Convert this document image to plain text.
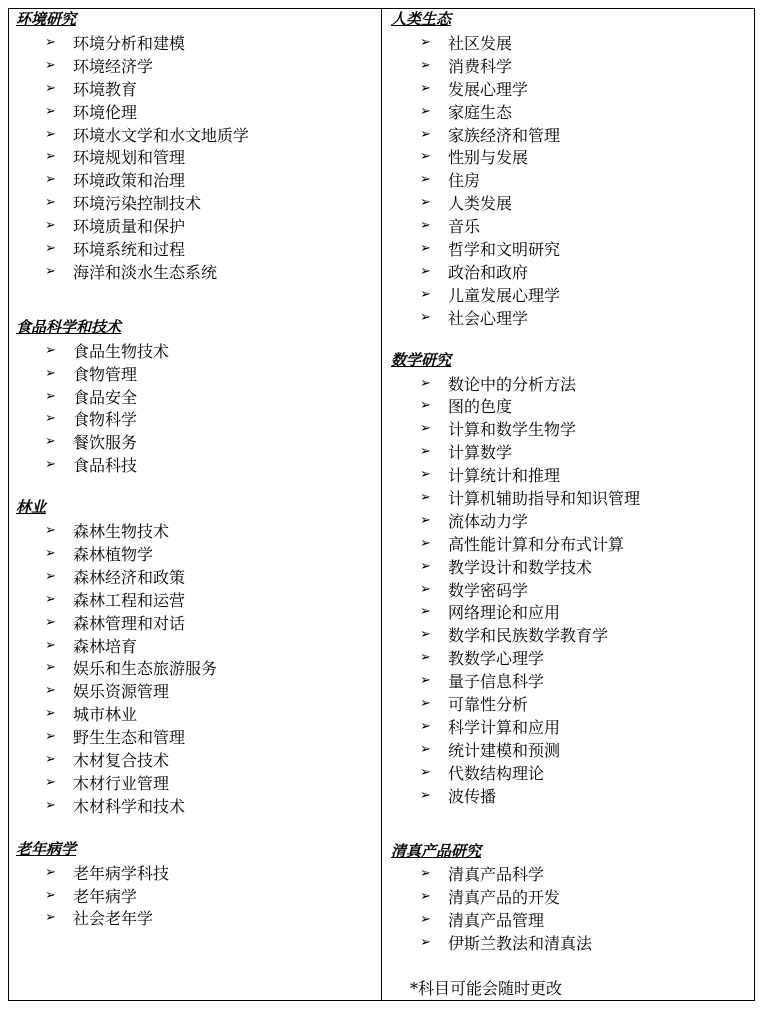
环境研究
➢	环境分析和建模
➢	环境经济学
➢	环境教育
➢	环境伦理
➢	环境水文学和水文地质学
➢	环境规划和管理
➢	环境政策和治理
➢	环境污染控制技术
➢	环境质量和保护
➢	环境系统和过程
➢	海洋和淡水生态系统
食品科学和技术
➢	食品生物技术
➢	食物管理
➢	食品安全
➢	食物科学
➢	餐饮服务
➢	食品科技
林业
➢	森林生物技术
➢	森林植物学
➢	森林经济和政策
➢	森林工程和运营
➢	森林管理和对话
➢	森林培育
➢	娱乐和生态旅游服务
➢	娱乐资源管理
➢	城市林业
➢	野生生态和管理
➢	木材复合技术
➢	木材行业管理
➢	木材科学和技术
老年病学
➢	老年病学科技
➢	老年病学
➢	社会老年学
人类生态
➢	社区发展
➢	消费科学
➢	发展心理学
➢	家庭生态
➢	家族经济和管理
➢	性别与发展
➢	住房
➢	人类发展
➢	音乐
➢	哲学和文明研究
➢	政治和政府
➢	儿童发展心理学
➢	社会心理学
数学研究
➢	数论中的分析方法
➢	图的色度
➢	计算和数学生物学
➢	计算数学
➢	计算统计和推理
➢	计算机辅助指导和知识管理
➢	流体动力学
➢	高性能计算和分布式计算
➢	教学设计和数学技术
➢	数学密码学
➢	网络理论和应用
➢	数学和民族数学教育学
➢	教数学心理学
➢	量子信息科学
➢	可靠性分析
➢	科学计算和应用
➢	统计建模和预测
➢	代数结构理论
➢	波传播
清真产品研究
➢	清真产品科学
➢	清真产品的开发
➢	清真产品管理
➢	伊斯兰教法和清真法
*科目可能会随时更改
